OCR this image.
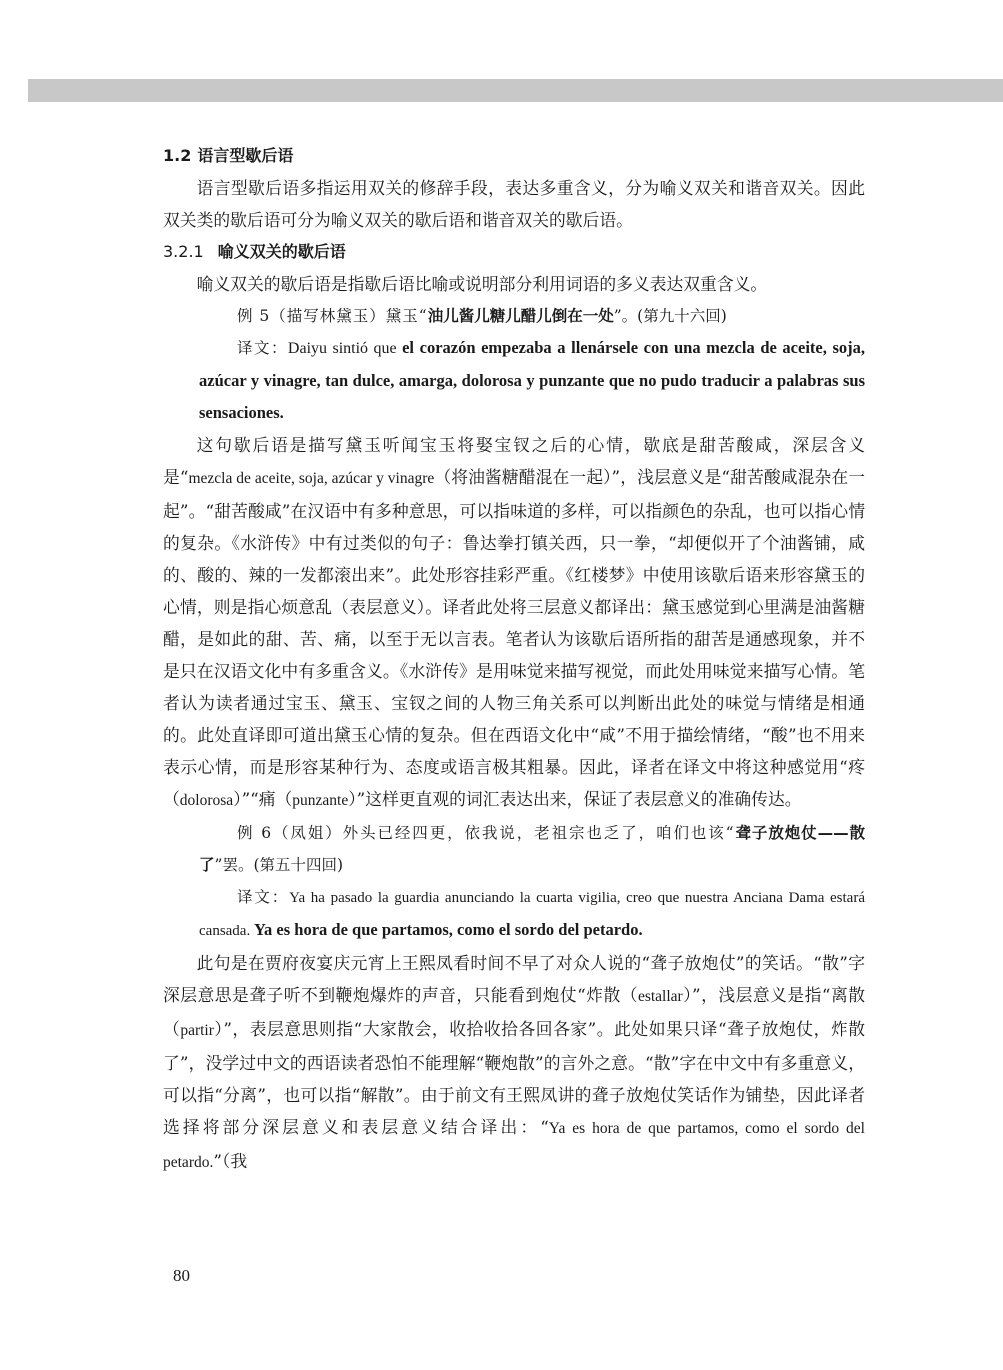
1.2 语言型歇后语
语言型歇后语多指运用双关的修辞手段，表达多重含义，分为喻义双关和谐音双关。因此双关类的歇后语可分为喻义双关的歇后语和谐音双关的歇后语。
3.2.1 喻义双关的歇后语
喻义双关的歇后语是指歇后语比喻或说明部分利用词语的多义表达双重含义。
例 5（描写林黛玉）黛玉“油儿酱儿糖儿醋儿倒在一处”。(第九十六回)
译文：Daiyu sintió que el corazón empezaba a llenársele con una mezcla de aceite, soja, azúcar y vinagre, tan dulce, amarga, dolorosa y punzante que no pudo traducir a palabras sus sensaciones.
这句歇后语是描写黛玉听闻宝玉将娶宝钗之后的心情，歇底是甜苦酸咸，深层含义是“mezcla de aceite, soja, azúcar y vinagre（将油酱糖醋混在一起）”，浅层意义是“甜苦酸咸混杂在一起”。“甜苦酸咸”在汉语中有多种意思，可以指味道的多样，可以指颜色的杂乱，也可以指心情的复杂。《水浒传》中有过类似的句子：鲁达拳打镇关西，只一拳，“却便似开了个油酱铺，咸的、酸的、辣的一发都滚出来”。此处形容挂彩严重。《红楼梦》中使用该歇后语来形容黛玉的心情，则是指心烦意乱（表层意义）。译者此处将三层意义都译出：黛玉感觉到心里满是油酱糖醋，是如此的甜、苦、痛，以至于无以言表。笔者认为该歇后语所指的甜苦是通感现象，并不是只在汉语文化中有多重含义。《水浒传》是用味觉来描写视觉，而此处用味觉来描写心情。笔者认为读者通过宝玉、黛玉、宝钗之间的人物三角关系可以判断出此处的味觉与情绪是相通的。此处直译即可道出黛玉心情的复杂。但在西语文化中“咸”不用于描绘情绪，“酸”也不用来表示心情，而是形容某种行为、态度或语言极其粗暴。因此，译者在译文中将这种感觉用“疼（dolorosa）”“痛（punzante）”这样更直观的词汇表达出来，保证了表层意义的准确传达。
例 6（凤姐）外头已经四更，依我说，老祖宗也乏了，咱们也该“聋子放炮仗——散了”罢。(第五十四回)
译文：Ya ha pasado la guardia anunciando la cuarta vigilia, creo que nuestra Anciana Dama estará cansada. Ya es hora de que partamos, como el sordo del petardo.
此句是在贾府夜宴庆元宵上王熙凤看时间不早了对众人说的“聋子放炮仗”的笑话。“散”字深层意思是聋子听不到鞭炮爆炸的声音，只能看到炮仗“炸散（estallar）”，浅层意义是指“离散（partir）”，表层意思则指“大家散会，收拾收拾各回各家”。此处如果只译“聋子放炮仗，炸散了”，没学过中文的西语读者恐怕不能理解“鞭炮散”的言外之意。“散”字在中文中有多重意义，可以指“分离”，也可以指“解散”。由于前文有王熙凤讲的聋子放炮仗笑话作为铺垫，因此译者选择将部分深层意义和表层意义结合译出：“Ya es hora de que partamos, como el sordo del petardo.”（我
80
